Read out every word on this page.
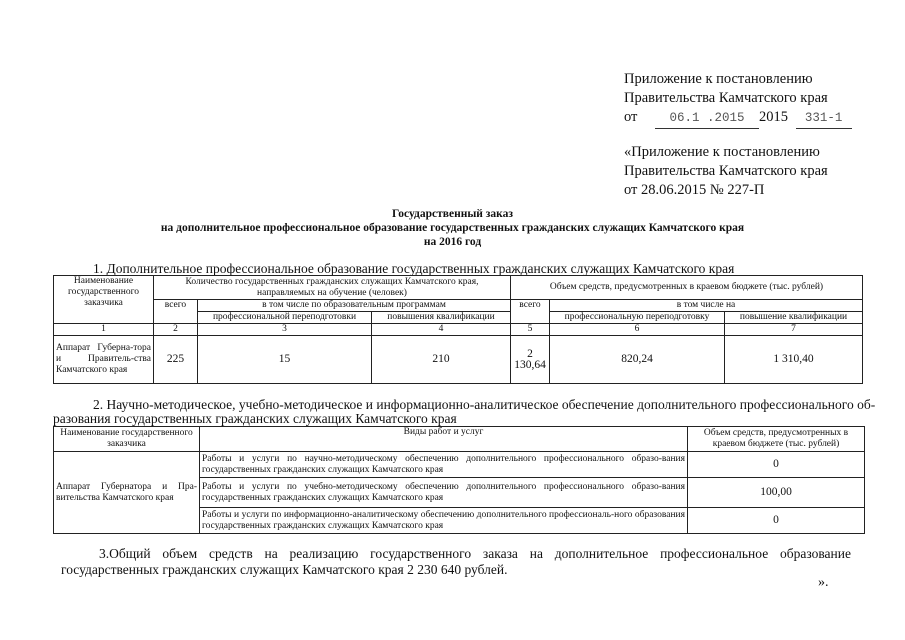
Приложение к постановлению
Правительства Камчатского края
от	06.1 .2015 2015 331-1
«Приложение к постановлению
Правительства Камчатского края
от 28.06.2015 № 227-П
Государственный заказ
на дополнительное профессиональное образование государственных гражданских служащих Камчатского края
на 2016 год
1. Дополнительное профессиональное образование государственных гражданских служащих Камчатского края
Наименование государственного заказчика	Количество государственных гражданских служащих Камчатского края, направляемых на обучение (человек)			Объем средств, предусмотренных в краевом бюджете (тыс. рублей)		
	всего	в том числе по образовательным программам		всего	в том числе на	
		профессиональной переподготовки	повышения квалификации		профессиональную переподготовку	повышение квалификации
1	2	3	4	5	6	7
Аппарат Губерна-тора и Правитель-ства Камчатского края	225	15	210	2 130,64	820,24	1 310,40
2. Научно-методическое, учебно-методическое и информационно-аналитическое обеспечение дополнительного профессионального об-
разования государственных гражданских служащих Камчатского края
Наименование государственного заказчика	Виды работ и услуг	Объем средств, предусмотренных в краевом бюджете (тыс. рублей)
Аппарат Губернатора и Пра-вительства Камчатского края	Работы и услуги по научно-методическому обеспечению дополнительного профессионального образо-вания государственных гражданских служащих Камчатского края	0
	Работы и услуги по учебно-методическому обеспечению дополнительного профессионального образо-вания государственных гражданских служащих Камчатского края	100,00
	Работы и услуги по информационно-аналитическому обеспечению дополнительного профессиональ-ного образования государственных гражданских служащих Камчатского края	0
3.Общий объем средств на реализацию государственного заказа на дополнительное профессиональное образование государственных гражданских служащих Камчатского края 2 230 640 рублей.
».
